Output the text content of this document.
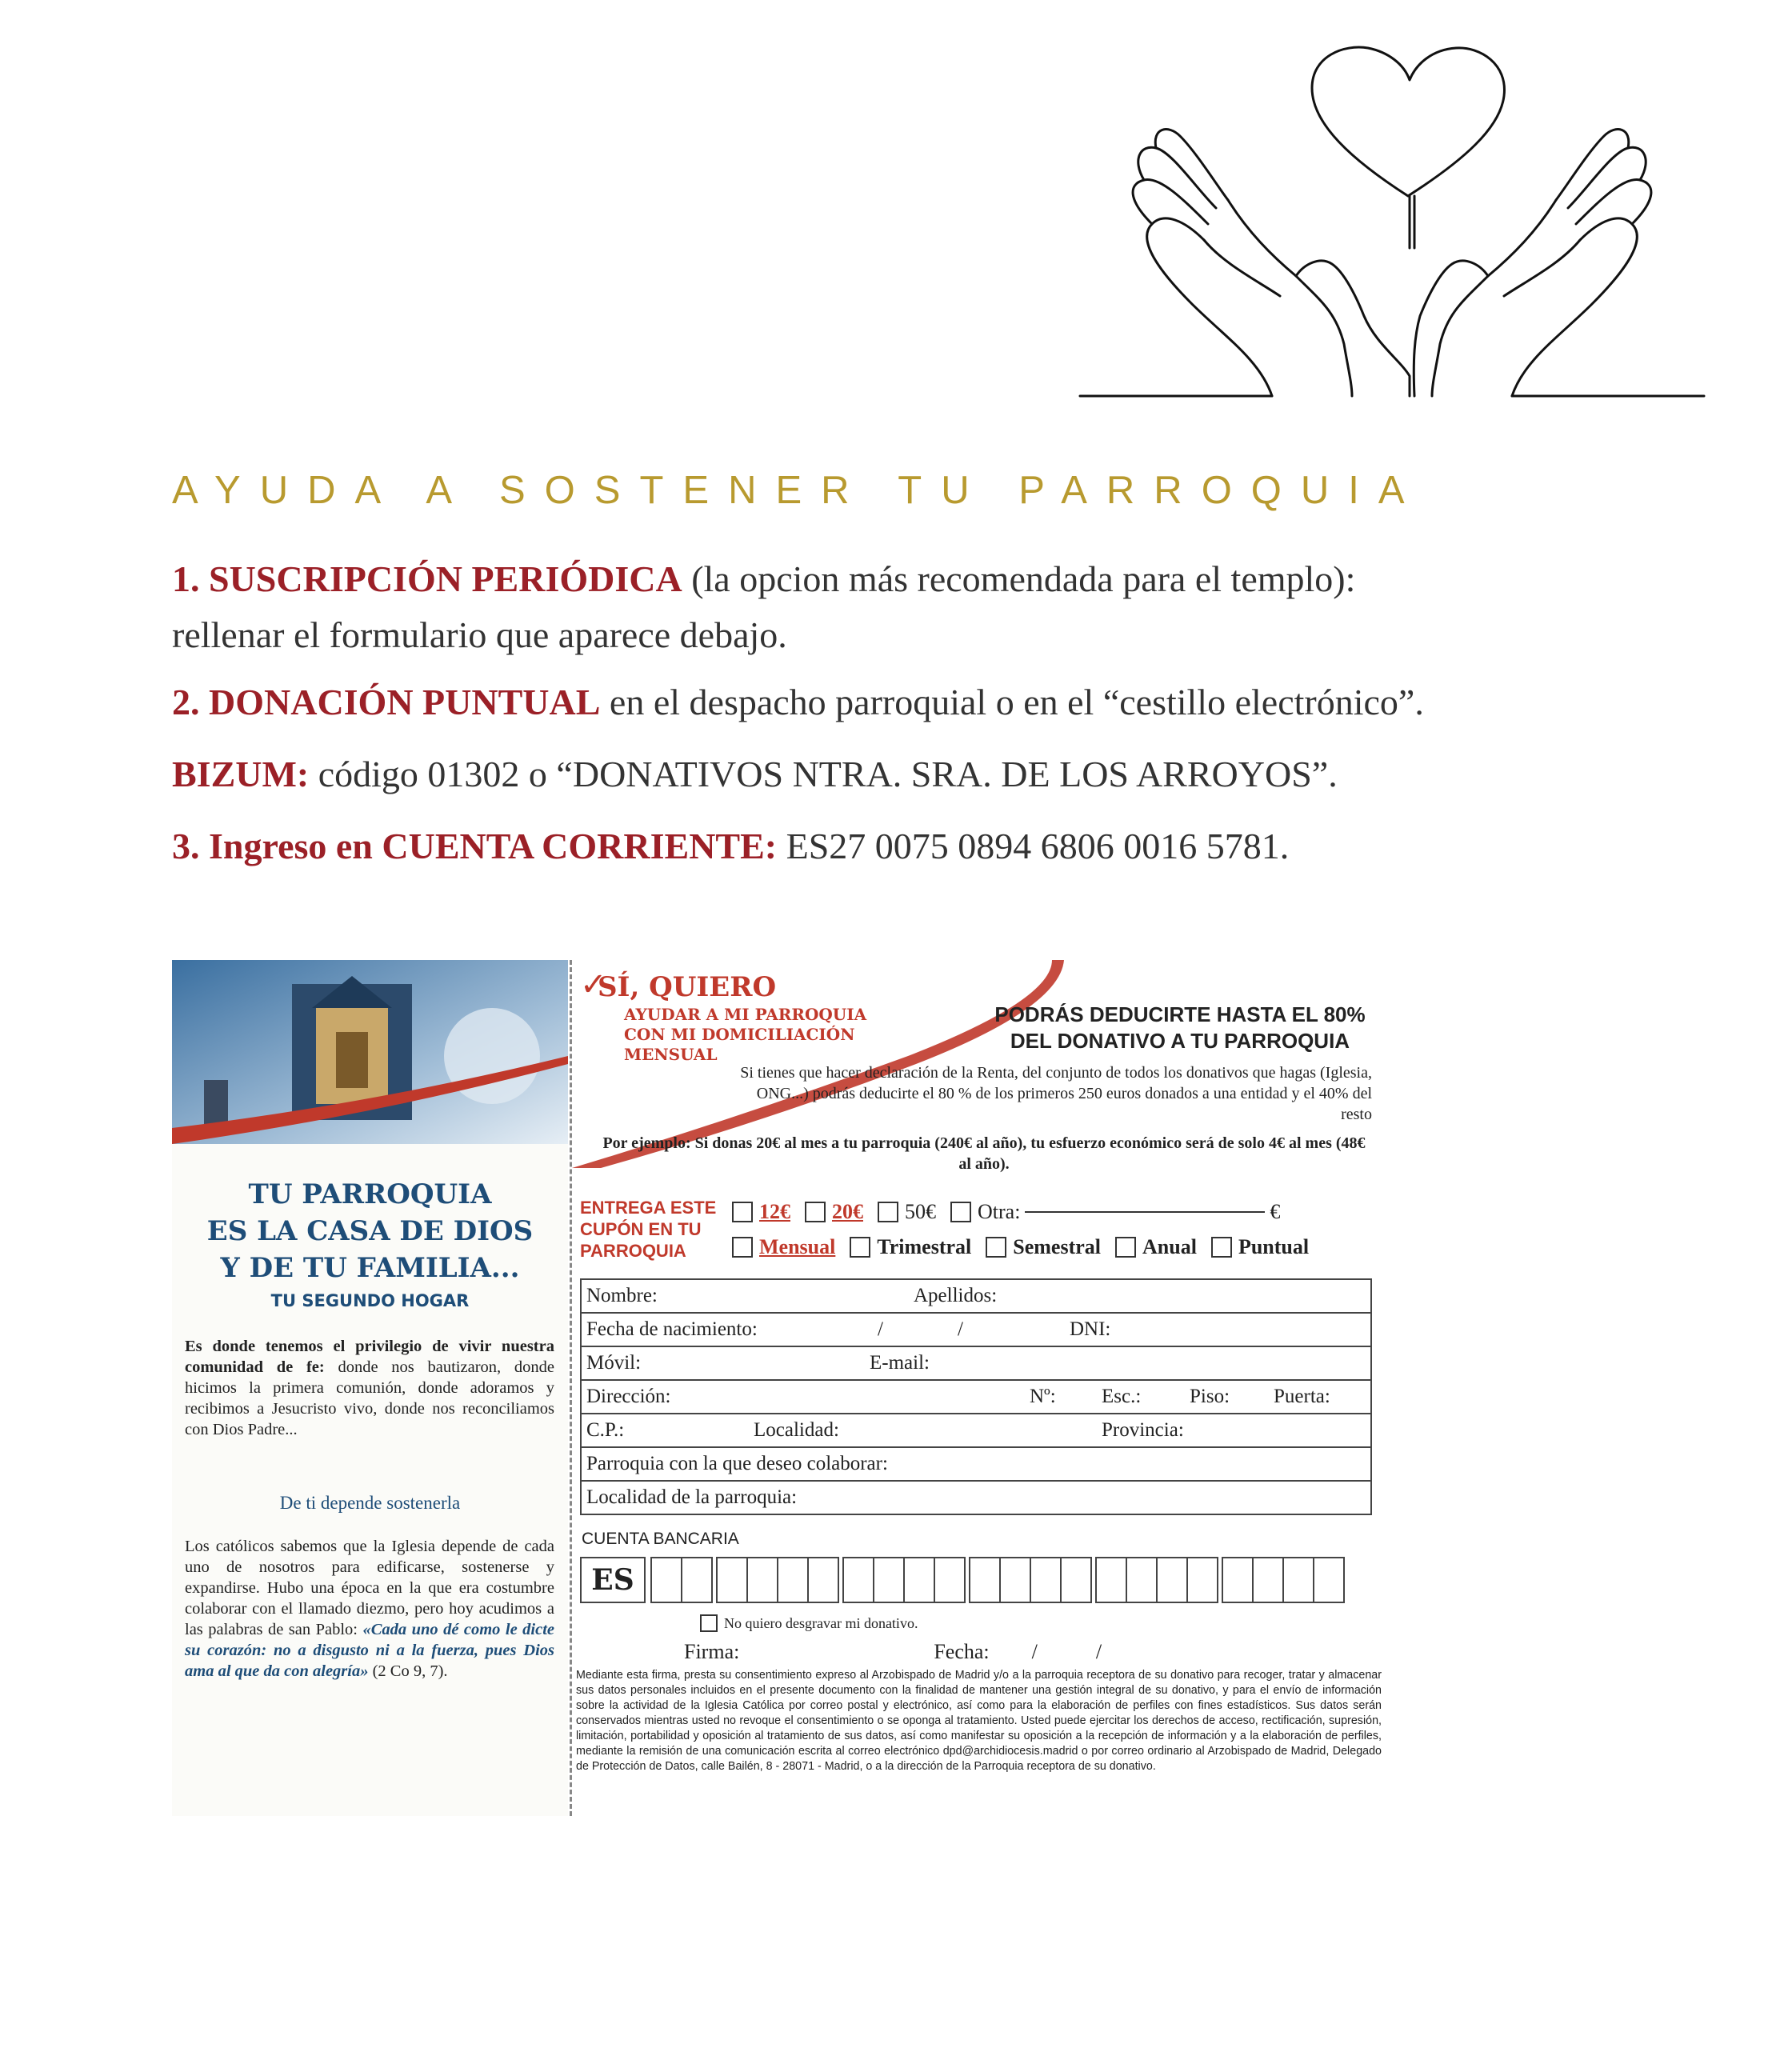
AYUDA A SOSTENER TU PARROQUIA
1. SUSCRIPCIÓN PERIÓDICA (la opcion más recomendada para el templo):
rellenar el formulario que aparece debajo.
2. DONACIÓN PUNTUAL en el despacho parroquial o en el “cestillo electrónico”.
BIZUM: código 01302 o “DONATIVOS NTRA. SRA. DE LOS ARROYOS”.
3. Ingreso en CUENTA CORRIENTE: ES27 0075 0894 6806 0016 5781.
TU PARROQUIA
ES LA CASA DE DIOS
Y DE TU FAMILIA...
TU SEGUNDO HOGAR
Es donde tenemos el privilegio de vivir nuestra comunidad de fe: donde nos bautizaron, donde hicimos la primera comunión, donde adoramos y recibimos a Jesucristo vivo, donde nos reconciliamos con Dios Padre...
De ti depende sostenerla
Los católicos sabemos que la Iglesia depende de cada uno de nosotros para edificarse, sostenerse y expandirse. Hubo una época en la que era costumbre colaborar con el llamado diezmo, pero hoy acudimos a las palabras de san Pablo: «Cada uno dé como le dicte su corazón: no a disgusto ni a la fuerza, pues Dios ama al que da con alegría» (2 Co 9, 7).
✓
SÍ, QUIERO
AYUDAR A MI PARROQUIA
CON MI DOMICILIACIÓN
MENSUAL
PODRÁS DEDUCIRTE HASTA EL 80%
DEL DONATIVO A TU PARROQUIA
Si tienes que hacer declaración de la Renta, del conjunto de todos los donativos que hagas (Iglesia, ONG...) podrás deducirte el 80 % de los primeros 250 euros donados a una entidad y el 40% del resto
Por ejemplo: Si donas 20€ al mes a tu parroquia (240€ al año), tu esfuerzo económico será de solo 4€ al mes (48€ al año).
ENTREGA ESTE
CUPÓN EN TU
PARROQUIA
12€ 20€ 50€ Otra:	€
Mensual Trimestral Semestral Anual Puntual
Nombre:	Apellidos:

Fecha de nacimiento:	/	/	DNI:

Móvil:	E-mail:

Dirección:	Nº: Esc.: Piso: Puerta:

C.P.:	Localidad:	Provincia:

Parroquia con la que deseo colaborar:

Localidad de la parroquia:
CUENTA BANCARIA
ES
No quiero desgravar mi donativo.
Firma:	Fecha: /	/
Mediante esta firma, presta su consentimiento expreso al Arzobispado de Madrid y/o a la parroquia receptora de su donativo para recoger, tratar y almacenar sus datos personales incluidos en el presente documento con la finalidad de mantener una gestión integral de su donativo, y para el envío de información sobre la actividad de la Iglesia Católica por correo postal y electrónico, así como para la elaboración de perfiles con fines estadísticos. Sus datos serán conservados mientras usted no revoque el consentimiento o se oponga al tratamiento. Usted puede ejercitar los derechos de acceso, rectificación, supresión, limitación, portabilidad y oposición al tratamiento de sus datos, así como manifestar su oposición a la recepción de información y a la elaboración de perfiles, mediante la remisión de una comunicación escrita al correo electrónico dpd@archidiocesis.madrid o por correo ordinario al Arzobispado de Madrid, Delegado de Protección de Datos, calle Bailén, 8 - 28071 - Madrid, o a la dirección de la Parroquia receptora de su donativo.
